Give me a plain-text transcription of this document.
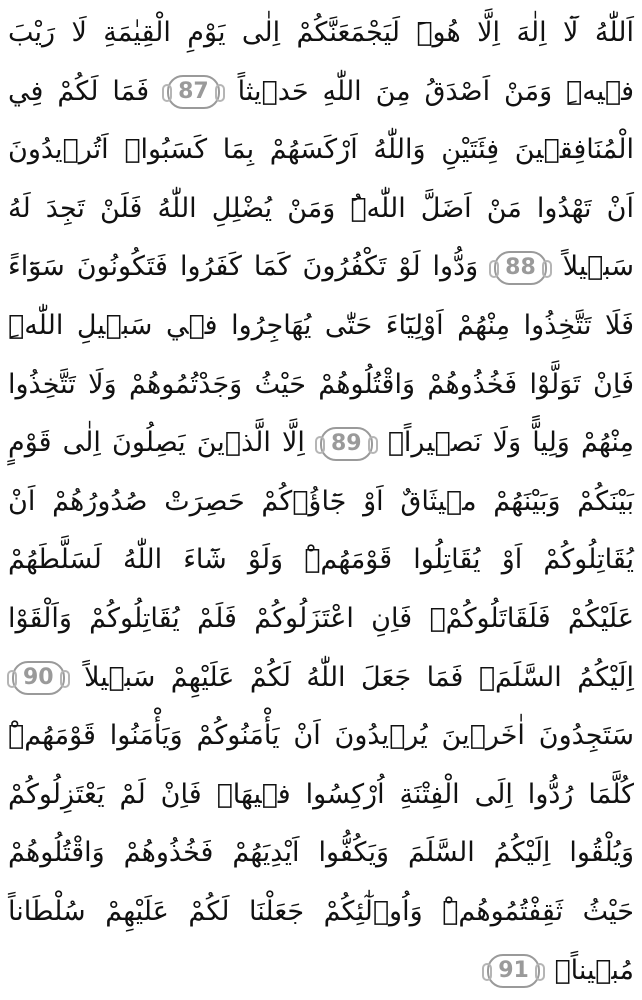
اَللّٰهُ لَٓا اِلٰهَ اِلَّا هُوَۜ لَيَجْمَعَنَّكُمْ اِلٰى يَوْمِ الْقِيٰمَةِ لَا رَيْبَ ف۪يهِۜ وَمَنْ اَصْدَقُ مِنَ اللّٰهِ حَد۪يثاً 87 فَمَا لَكُمْ فِي الْمُنَافِق۪ينَ فِئَتَيْنِ وَاللّٰهُ اَرْكَسَهُمْ بِمَا كَسَبُواۜ اَتُر۪يدُونَ اَنْ تَهْدُوا مَنْ اَضَلَّ اللّٰهُۜ وَمَنْ يُضْلِلِ اللّٰهُ فَلَنْ تَجِدَ لَهُ سَب۪يلاً 88 وَدُّوا لَوْ تَكْفُرُونَ كَمَا كَفَرُوا فَتَكُونُونَ سَوَٓاءً فَلَا تَتَّخِذُوا مِنْهُمْ اَوْلِيَٓاءَ حَتّٰى يُهَاجِرُوا ف۪ي سَب۪يلِ اللّٰهِۜ فَاِنْ تَوَلَّوْا فَخُذُوهُمْ وَاقْتُلُوهُمْ حَيْثُ وَجَدْتُمُوهُمْ وَلَا تَتَّخِذُوا مِنْهُمْ وَلِياًّ وَلَا نَص۪يراًۙ 89 اِلَّا الَّذ۪ينَ يَصِلُونَ اِلٰى قَوْمٍ بَيْنَكُمْ وَبَيْنَهُمْ م۪يثَاقٌ اَوْ جَٓاؤُ۫كُمْ حَصِرَتْ صُدُورُهُمْ اَنْ يُقَاتِلُوكُمْ اَوْ يُقَاتِلُوا قَوْمَهُمْۜ وَلَوْ شَٓاءَ اللّٰهُ لَسَلَّطَهُمْ عَلَيْكُمْ فَلَقَاتَلُوكُمْۚ فَاِنِ اعْتَزَلُوكُمْ فَلَمْ يُقَاتِلُوكُمْ وَاَلْقَوْا اِلَيْكُمُ السَّلَمَۙ فَمَا جَعَلَ اللّٰهُ لَكُمْ عَلَيْهِمْ سَب۪يلاً 90 سَتَجِدُونَ اٰخَر۪ينَ يُر۪يدُونَ اَنْ يَأْمَنُوكُمْ وَيَأْمَنُوا قَوْمَهُمْۜ كُلَّمَا رُدُّوا اِلَى الْفِتْنَةِ اُرْكِسُوا ف۪يهَاۚ فَاِنْ لَمْ يَعْتَزِلُوكُمْ وَيُلْقُوا اِلَيْكُمُ السَّلَمَ وَيَكُفُّوا اَيْدِيَهُمْ فَخُذُوهُمْ وَاقْتُلُوهُمْ حَيْثُ ثَقِفْتُمُوهُمْۜ وَاُو۬لٰٓئِكُمْ جَعَلْنَا لَكُمْ عَلَيْهِمْ سُلْطَاناً مُب۪يناً۟ 91
